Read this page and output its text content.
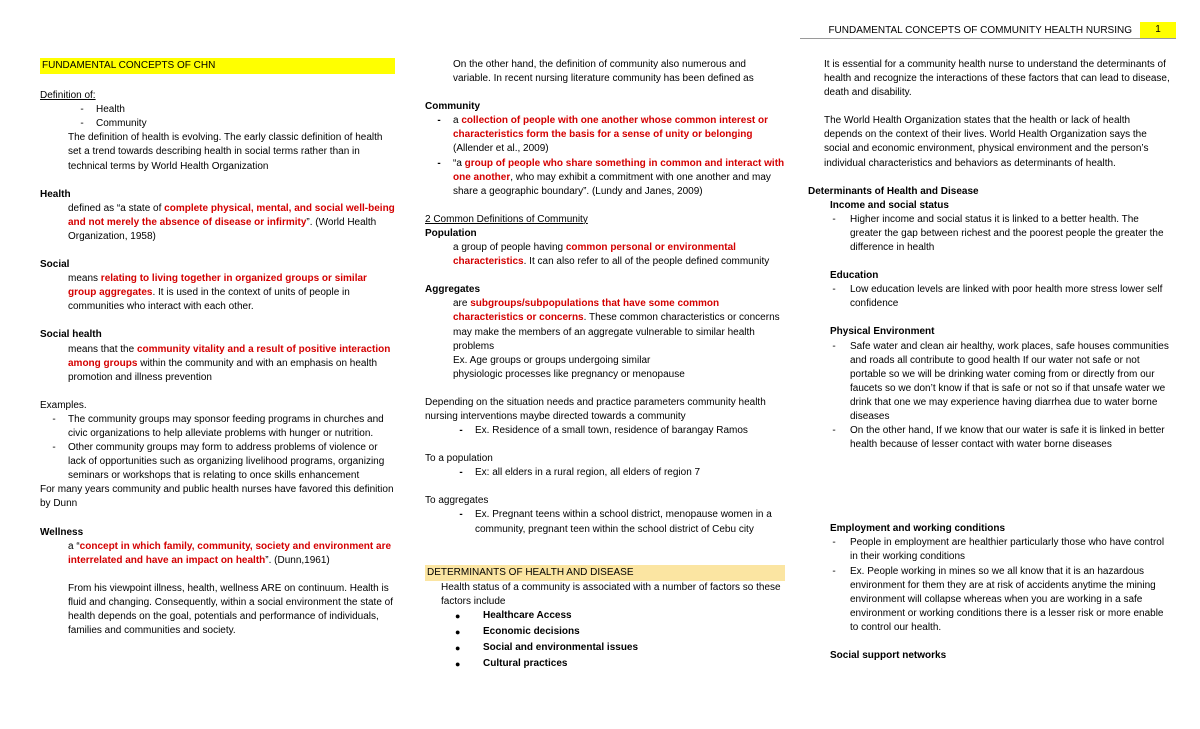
FUNDAMENTAL CONCEPTS OF COMMUNITY HEALTH NURSING	1
FUNDAMENTAL CONCEPTS OF CHN
Definition of:
-	Health
-	Community
The definition of health is evolving. The early classic definition of health set a trend towards describing health in social terms rather than in technical terms by World Health Organization
Health
defined as “a state of complete physical, mental, and social well-being and not merely the absence of disease or infirmity”. (World Health Organization, 1958)
Social
means relating to living together in organized groups or similar group aggregates. It is used in the context of units of people in communities who interact with each other.
Social health
means that the community vitality and a result of positive interaction among groups within the community and with an emphasis on health promotion and illness prevention
Examples.
-	The community groups may sponsor feeding programs in churches and civic organizations to help alleviate problems with hunger or nutrition.
-	Other community groups may form to address problems of violence or lack of opportunities such as organizing livelihood programs, organizing seminars or workshops that is relating to once skills enhancement
For many years community and public health nurses have favored this definition by Dunn
Wellness
a “concept in which family, community, society and environment are interrelated and have an impact on health”. (Dunn,1961)
From his viewpoint illness, health, wellness ARE on continuum. Health is fluid and changing. Consequently, within a social environment the state of health depends on the goal, potentials and performance of individuals, families and communities and society.
On the other hand, the definition of community also numerous and variable. In recent nursing literature community has been defined as
Community
-	a collection of people with one another whose common interest or characteristics form the basis for a sense of unity or belonging (Allender et al., 2009)
-	“a group of people who share something in common and interact with one another, who may exhibit a commitment with one another and may share a geographic boundary”. (Lundy and Janes, 2009)
2 Common Definitions of Community
Population
a group of people having common personal or environmental characteristics. It can also refer to all of the people defined community
Aggregates
are subgroups/subpopulations that have some common characteristics or concerns. These common characteristics or concerns may make the members of an aggregate vulnerable to similar health problems
Ex. Age groups or groups undergoing similar
physiologic processes like pregnancy or menopause
Depending on the situation needs and practice parameters community health nursing interventions maybe directed towards a community
-	Ex. Residence of a small town, residence of barangay Ramos
To a population
-	Ex: all elders in a rural region, all elders of region 7
To aggregates
-	Ex. Pregnant teens within a school district, menopause women in a community, pregnant teen within the school district of Cebu city
DETERMINANTS OF HEALTH AND DISEASE
Health status of a community is associated with a number of factors so these factors include
●	Healthcare Access
●	Economic decisions
●	Social and environmental issues
●	Cultural practices
It is essential for a community health nurse to understand the determinants of health and recognize the interactions of these factors that can lead to disease, death and disability.
The World Health Organization states that the health or lack of health depends on the context of their lives. World Health Organization says the social and economic environment, physical environment and the person’s individual characteristics and behaviors as determinants of health.
Determinants of Health and Disease
Income and social status
-	Higher income and social status it is linked to a better health. The greater the gap between richest and the poorest people the greater the difference in health
Education
-	Low education levels are linked with poor health more stress lower self confidence
Physical Environment
-	Safe water and clean air healthy, work places, safe houses communities and roads all contribute to good health If our water not safe or not portable so we will be drinking water coming from or directly from our faucets so we don’t know if that is safe or not so if that unsafe water we drink that one we may experience having diarrhea due to water borne diseases
-	On the other hand, If we know that our water is safe it is linked in better health because of lesser contact with water borne diseases
Employment and working conditions
-	People in employment are healthier particularly those who have control in their working conditions
-	Ex. People working in mines so we all know that it is an hazardous environment for them they are at risk of accidents anytime the mining environment will collapse whereas when you are working in a safe environment or working conditions there is a lesser risk or more enable to control our health.
Social support networks
